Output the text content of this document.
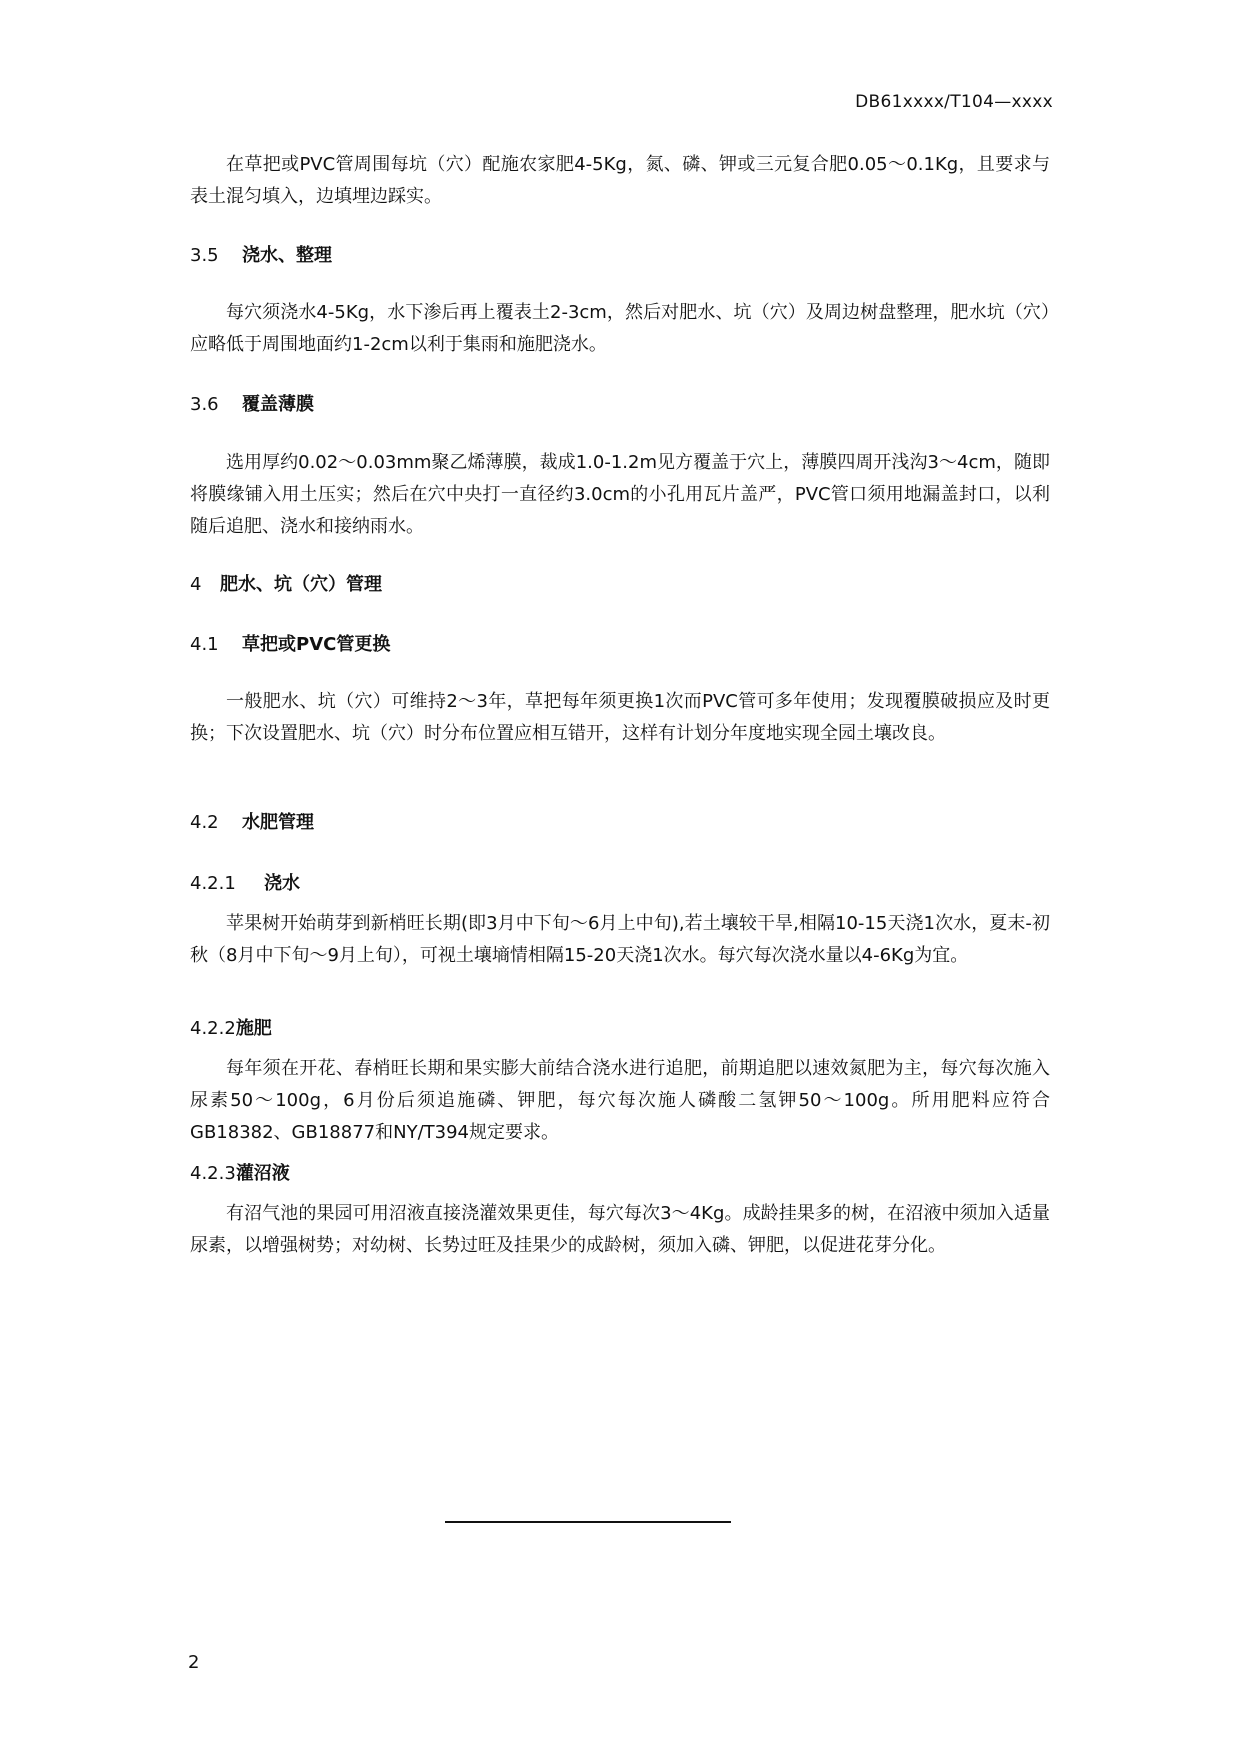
DB61xxxx/T104—xxxx

在草把或PVC管周围每坑（穴）配施农家肥4-5Kg，氮、磷、钾或三元复合肥0.05～0.1Kg，且要求与表土混匀填入，边填埋边踩实。

3.5 浇水、整理

每穴须浇水4-5Kg，水下渗后再上覆表土2-3cm，然后对肥水、坑（穴）及周边树盘整理，肥水坑（穴）应略低于周围地面约1-2cm以利于集雨和施肥浇水。

3.6 覆盖薄膜

选用厚约0.02～0.03mm聚乙烯薄膜，裁成1.0-1.2m见方覆盖于穴上，薄膜四周开浅沟3～4cm，随即将膜缘铺入用土压实；然后在穴中央打一直径约3.0cm的小孔用瓦片盖严，PVC管口须用地漏盖封口，以利随后追肥、浇水和接纳雨水。

4 肥水、坑（穴）管理

4.1 草把或PVC管更换

一般肥水、坑（穴）可维持2～3年，草把每年须更换1次而PVC管可多年使用；发现覆膜破损应及时更换；下次设置肥水、坑（穴）时分布位置应相互错开，这样有计划分年度地实现全园土壤改良。

4.2 水肥管理

4.2.1 浇水

苹果树开始萌芽到新梢旺长期(即3月中下旬～6月上中旬),若土壤较干旱,相隔10-15天浇1次水，夏末-初秋（8月中下旬～9月上旬），可视土壤墒情相隔15-20天浇1次水。每穴每次浇水量以4-6Kg为宜。

4.2.2施肥

每年须在开花、春梢旺长期和果实膨大前结合浇水进行追肥，前期追肥以速效氮肥为主，每穴每次施入尿素50～100g，6月份后须追施磷、钾肥，每穴每次施人磷酸二氢钾50～100g。所用肥料应符合GB18382、GB18877和NY/T394规定要求。

4.2.3灌沼液

有沼气池的果园可用沼液直接浇灌效果更佳，每穴每次3～4Kg。成龄挂果多的树，在沼液中须加入适量尿素，以增强树势；对幼树、长势过旺及挂果少的成龄树，须加入磷、钾肥，以促进花芽分化。

2
